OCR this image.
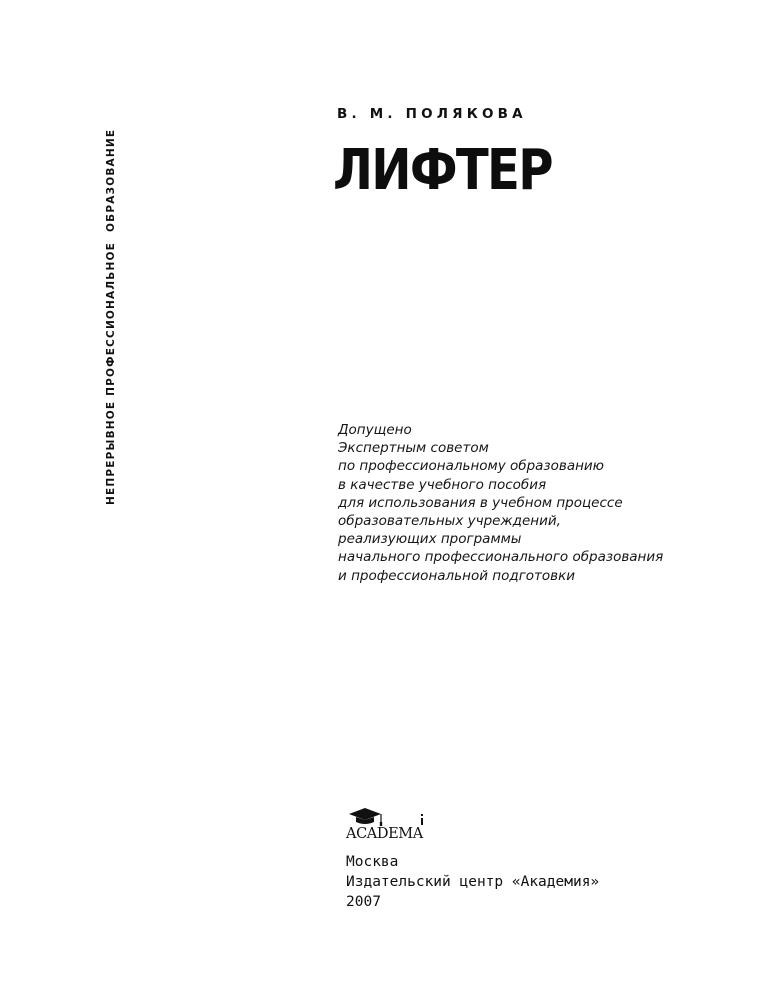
НЕПРЕРЫВНОЕ ПРОФЕССИОНАЛЬНОЕОБРАЗОВАНИЕ
В. М. ПОЛЯКОВА
ЛИФТЕР
Допущено
Экспертным советом
по профессиональному образованию
в качестве учебного пособия
для использования в учебном процессе
образовательных учреждений,
реализующих программы
начального профессионального образования
и профессиональной подготовки
ACADEMA
Москва
Издательский центр «Академия»
2007
